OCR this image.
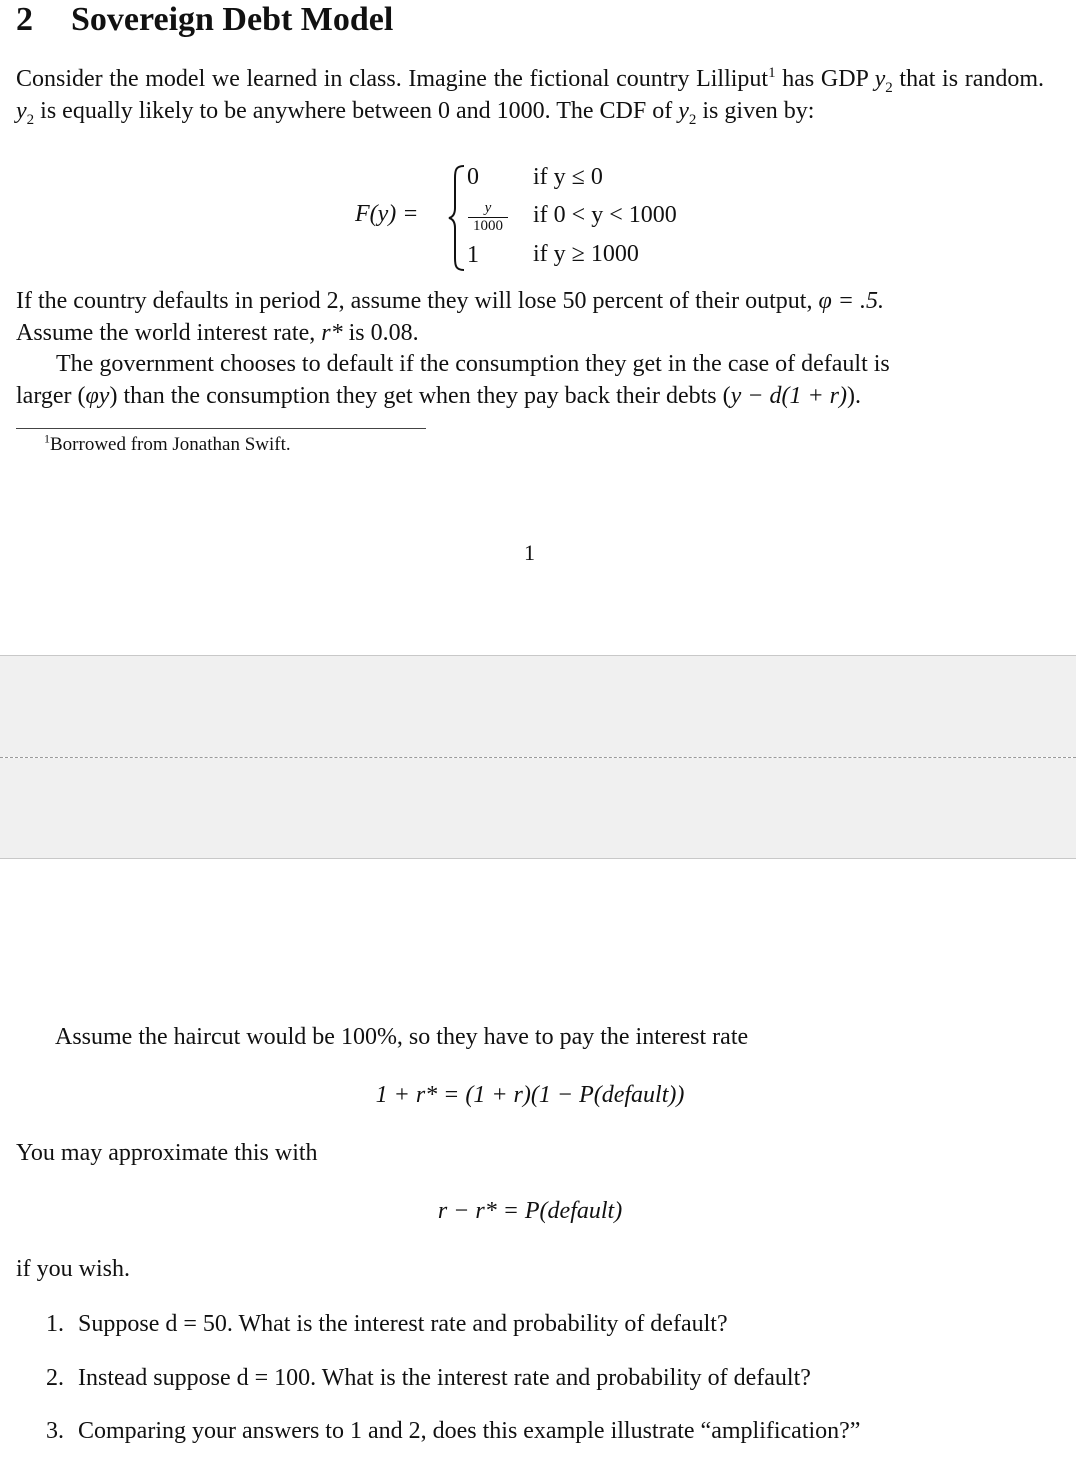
2 Sovereign Debt Model
Consider the model we learned in class. Imagine the fictional country Lilliput$^1$ has GDP $y_2$ that is random. $y_2$ is equally likely to be anywhere between 0 and 1000. The CDF of $y_2$ is given by:
F(y) =
0
y
1000
1
if y ≤ 0
if 0 < y < 1000
if y ≥ 1000
If the country defaults in period 2, assume they will lose 50 percent of their output, φ = .5.
Assume the world interest rate, r* is 0.08.
The government chooses to default if the consumption they get in the case of default is
larger (φy) than the consumption they get when they pay back their debts (y − d(1 + r)).
$^1$Borrowed from Jonathan Swift.
1
Assume the haircut would be 100%, so they have to pay the interest rate
1 + r* = (1 + r)(1 − P(default))
You may approximate this with
r − r* = P(default)
if you wish.
1. Suppose d = 50. What is the interest rate and probability of default?
2. Instead suppose d = 100. What is the interest rate and probability of default?
3. Comparing your answers to 1 and 2, does this example illustrate “amplification?”
